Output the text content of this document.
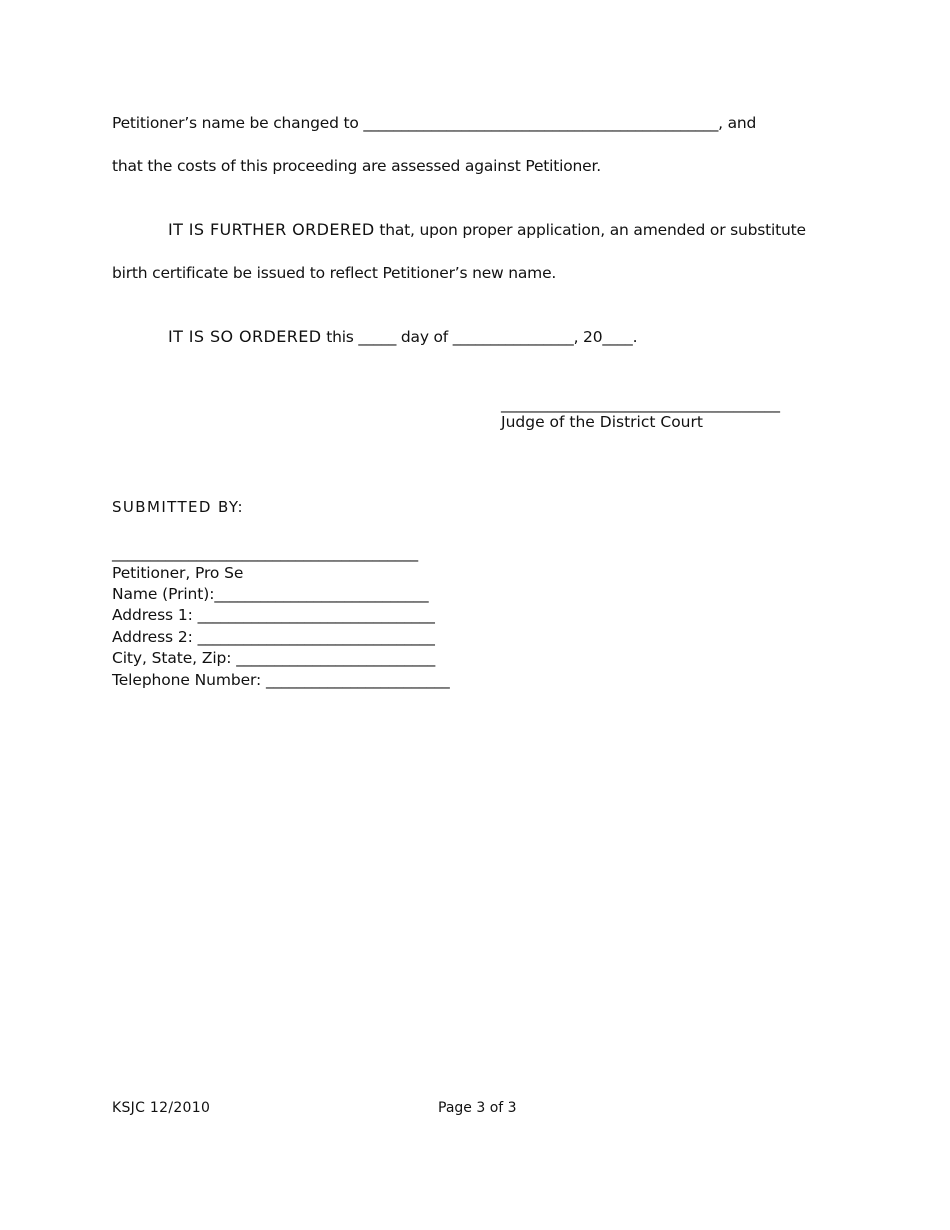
Petitioner’s name be changed to _______________________________________________, and
that the costs of this proceeding are assessed against Petitioner.
IT IS FURTHER ORDERED that, upon proper application, an amended or substitute
birth certificate be issued to reflect Petitioner’s new name.
IT IS SO ORDERED this _____ day of ________________, 20____.
____________________________________
Judge of the District Court
SUBMITTED BY:
________________________________________
Petitioner, Pro Se
Name (Print):____________________________
Address 1: _______________________________
Address 2: _______________________________
City, State, Zip: __________________________
Telephone Number: ________________________
KSJC 12/2010	Page 3 of 3
